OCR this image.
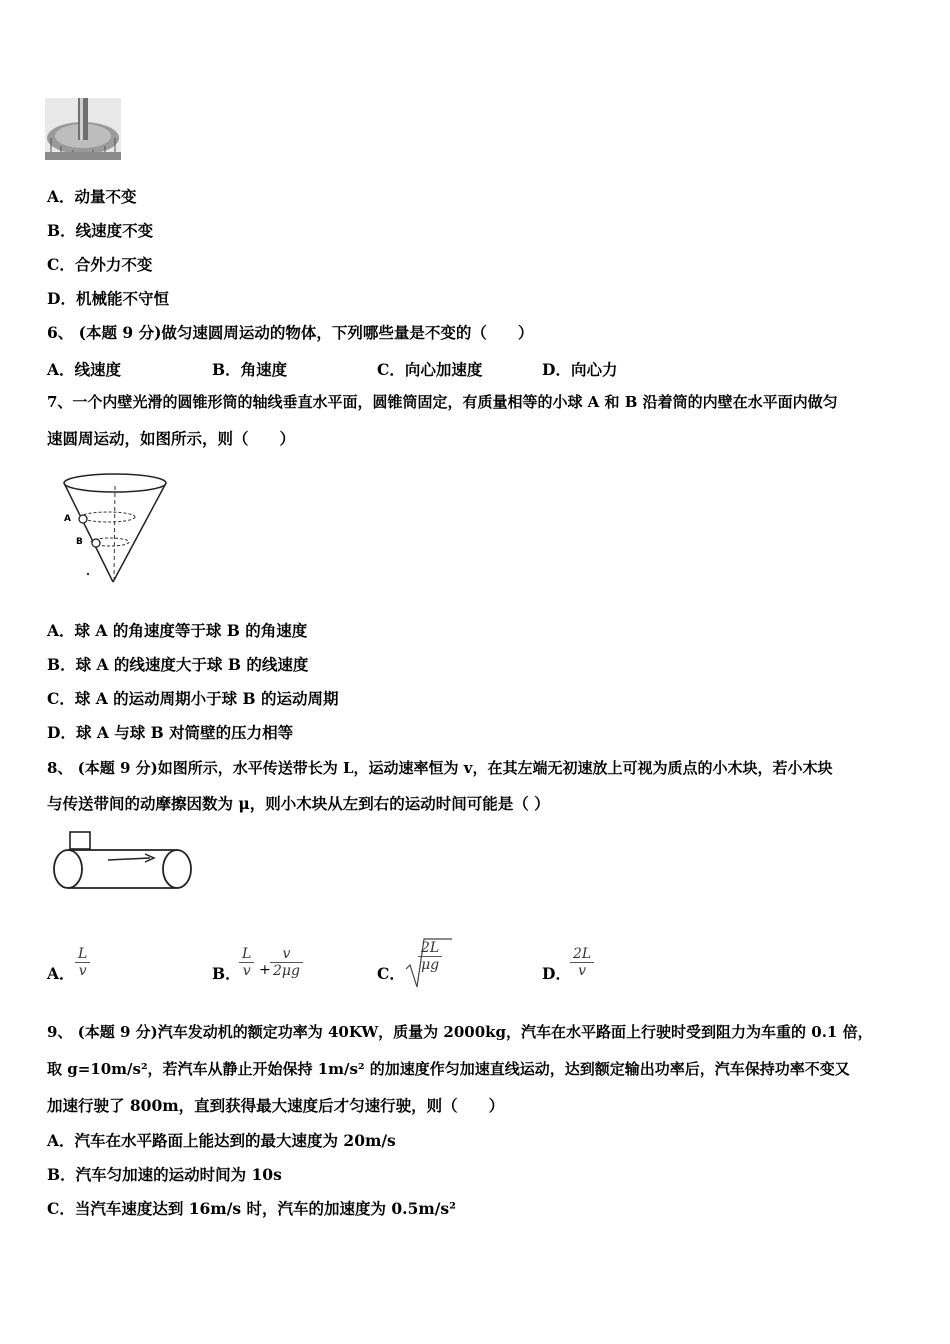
A．动量不变
B．线速度不变
C．合外力不变
D．机械能不守恒
6、 (本题 9 分)做匀速圆周运动的物体，下列哪些量是不变的（　　）
A．线速度	B．角速度	C．向心加速度	D．向心力
7、一个内壁光滑的圆锥形筒的轴线垂直水平面，圆锥筒固定，有质量相等的小球 A 和 B 沿着筒的内壁在水平面内做匀
速圆周运动，如图所示，则（　　）
A
B
A．球 A 的角速度等于球 B 的角速度
B．球 A 的线速度大于球 B 的线速度
C．球 A 的运动周期小于球 B 的运动周期
D．球 A 与球 B 对筒壁的压力相等
8、 (本题 9 分)如图所示，水平传送带长为 L，运动速率恒为 v，在其左端无初速放上可视为质点的小木块，若小木块
与传送带间的动摩擦因数为 μ，则小木块从左到右的运动时间可能是（ ）
A． $\frac{L}{v}$	B．
$\frac{L}{v} + \frac{v}{2\mu g}$	C．
$\frac{2L}{\mu g}$
D． $\frac{2L}{v}$
9、 (本题 9 分)汽车发动机的额定功率为 40KW，质量为 2000kg，汽车在水平路面上行驶时受到阻力为车重的 0.1 倍，
取 g=10m/s²，若汽车从静止开始保持 1m/s² 的加速度作匀加速直线运动，达到额定输出功率后，汽车保持功率不变又
加速行驶了 800m，直到获得最大速度后才匀速行驶，则（　　）
A．汽车在水平路面上能达到的最大速度为 20m/s
B．汽车匀加速的运动时间为 10s
C．当汽车速度达到 16m/s 时，汽车的加速度为 0.5m/s²
